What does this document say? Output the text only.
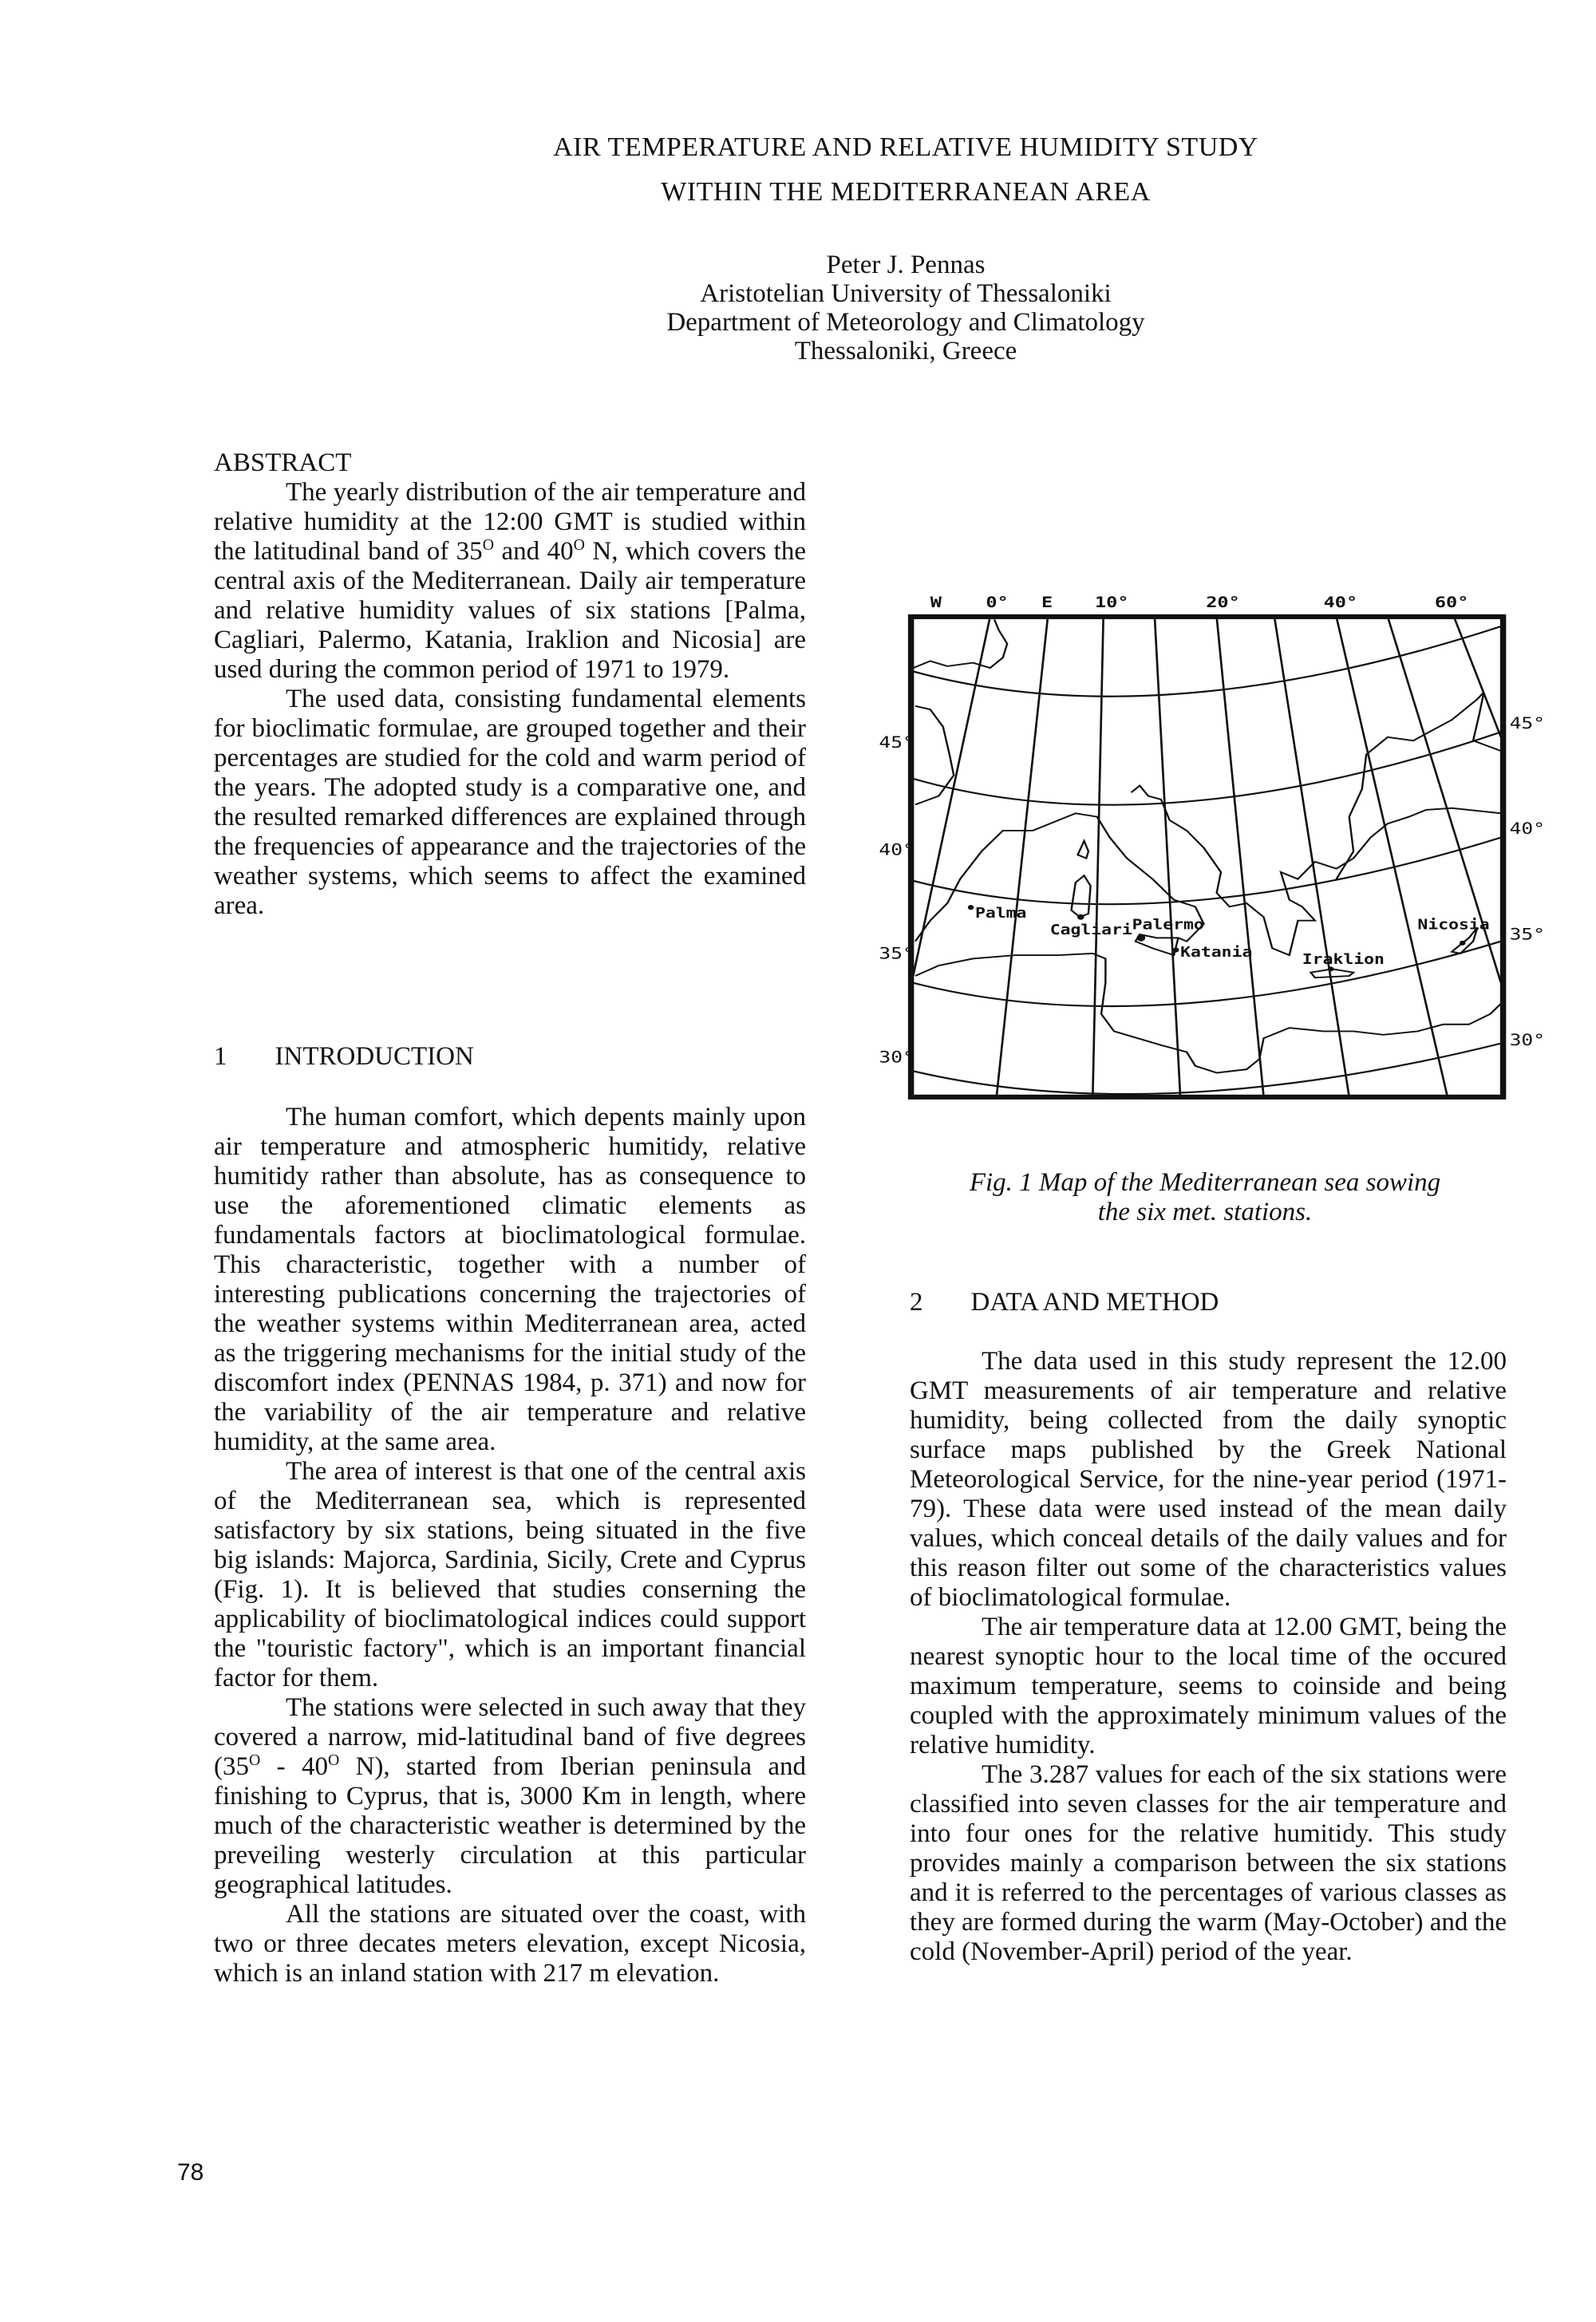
AIR TEMPERATURE AND RELATIVE HUMIDITY STUDY
WITHIN THE MEDITERRANEAN AREA
Peter J. Pennas
Aristotelian University of Thessaloniki
Department of Meteorology and Climatology
Thessaloniki, Greece
ABSTRACT

The yearly distribution of the air temperature and relative humidity at the 12:00 GMT is studied within the latitudinal band of $35^O$ and $40^O$ N, which covers the central axis of the Mediterranean. Daily air temperature and relative humidity values of six stations [Palma, Cagliari, Palermo, Katania, Iraklion and Nicosia] are used during the common period of 1971 to 1979.

The used data, consisting fundamental elements for bioclimatic formulae, are grouped together and their percentages are studied for the cold and warm period of the years. The adopted study is a comparative one, and the resulted remarked differences are explained through the frequencies of appearance and the trajectories of the weather systems, which seems to affect the examined area.

1 INTRODUCTION

The human comfort, which depents mainly upon air temperature and atmospheric humitidy, relative humitidy rather than absolute, has as consequence to use the aforementioned climatic elements as fundamentals factors at bioclimatological formulae. This characteristic, together with a number of interesting publications concerning the trajectories of the weather systems within Mediterranean area, acted as the triggering mechanisms for the initial study of the discomfort index (PENNAS 1984, p. 371) and now for the variability of the air temperature and relative humidity, at the same area.

The area of interest is that one of the central axis of the Mediterranean sea, which is represented satisfactory by six stations, being situated in the five big islands: Majorca, Sardinia, Sicily, Crete and Cyprus (Fig. 1). It is believed that studies conserning the applicability of bioclimatological indices could support the "touristic factory", which is an important financial factor for them.

The stations were selected in such away that they covered a narrow, mid-latitudinal band of five degrees ($35^O - 40^O$ N), started from Iberian peninsula and finishing to Cyprus, that is, 3000 Km in length, where much of the characteristic weather is determined by the preveiling westerly circulation at this particular geographical latitudes.

All the stations are situated over the coast, with two or three decates meters elevation, except Nicosia, which is an inland station with 217 m elevation.

W 0° E 10° 20° 40° 60°
45°
40°
35°
30°
45°
40°
35°
30°
Palma
Cagliari Palermo
Katania Iraklion
Nicosia
Fig. 1 Map of the Mediterranean sea sowing
the six met. stations.
2 DATA AND METHOD

The data used in this study represent the 12.00 GMT measurements of air temperature and relative humidity, being collected from the daily synoptic surface maps published by the Greek National Meteorological Service, for the nine-year period (1971-79). These data were used instead of the mean daily values, which conceal details of the daily values and for this reason filter out some of the characteristics values of bioclimatological formulae.

The air temperature data at 12.00 GMT, being the nearest synoptic hour to the local time of the occured maximum temperature, seems to coinside and being coupled with the approximately minimum values of the relative humidity.

The 3.287 values for each of the six stations were classified into seven classes for the air temperature and into four ones for the relative humitidy. This study provides mainly a comparison between the six stations and it is referred to the percentages of various classes as they are formed during the warm (May-October) and the cold (November-April) period of the year.

78
